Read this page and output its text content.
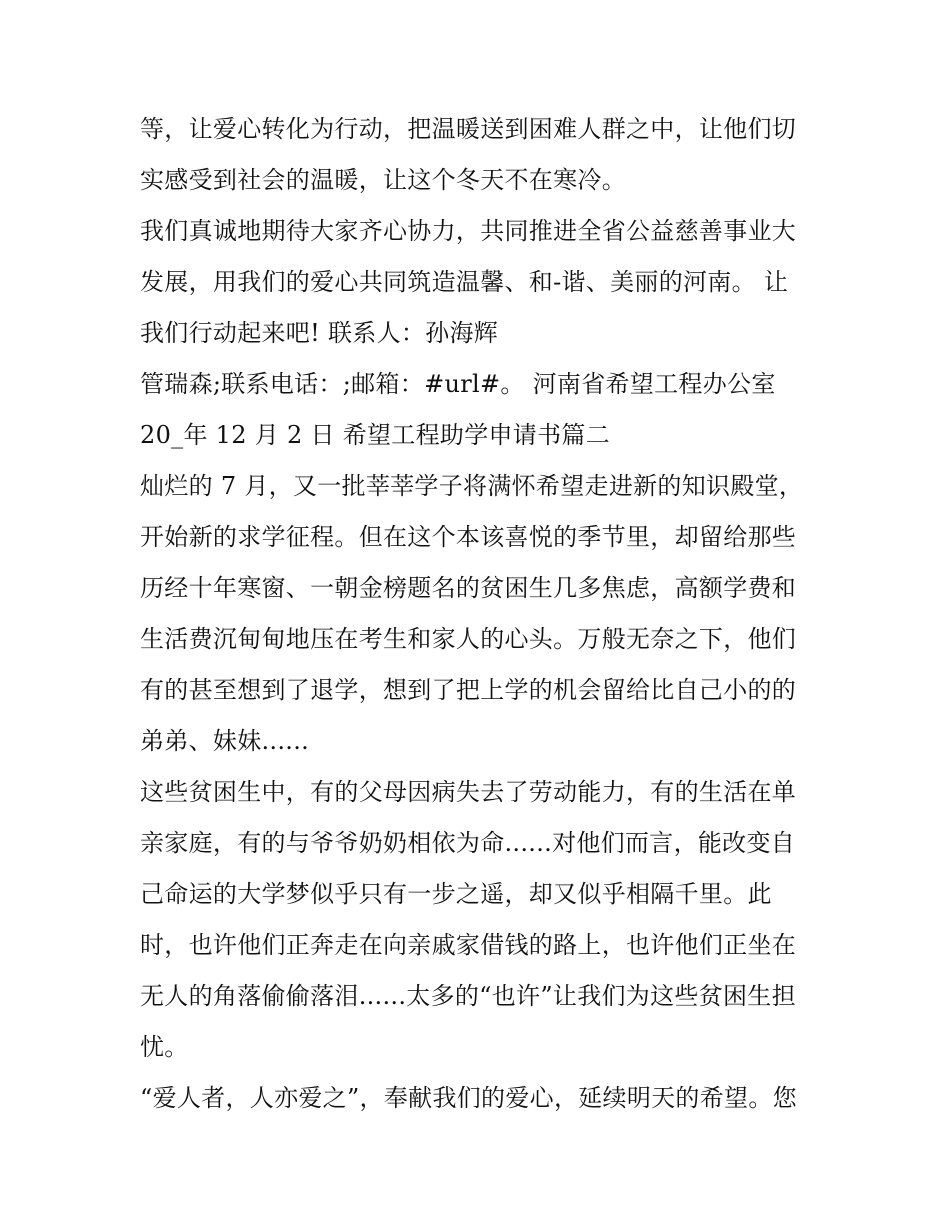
等，让爱心转化为行动，把温暖送到困难人群之中，让他们切
实感受到社会的温暖，让这个冬天不在寒冷。
我们真诚地期待大家齐心协力，共同推进全省公益慈善事业大
发展，用我们的爱心共同筑造温馨、和-谐、美丽的河南。 让
我们行动起来吧! 联系人：孙海辉
管瑞森;联系电话：;邮箱：#url#。 河南省希望工程办公室
20_年 12 月 2 日 希望工程助学申请书篇二
灿烂的 7 月，又一批莘莘学子将满怀希望走进新的知识殿堂，
开始新的求学征程。但在这个本该喜悦的季节里，却留给那些
历经十年寒窗、一朝金榜题名的贫困生几多焦虑，高额学费和
生活费沉甸甸地压在考生和家人的心头。万般无奈之下，他们
有的甚至想到了退学，想到了把上学的机会留给比自己小的的
弟弟、妹妹......
这些贫困生中，有的父母因病失去了劳动能力，有的生活在单
亲家庭，有的与爷爷奶奶相依为命......对他们而言，能改变自
己命运的大学梦似乎只有一步之遥，却又似乎相隔千里。此
时，也许他们正奔走在向亲戚家借钱的路上，也许他们正坐在
无人的角落偷偷落泪......太多的“也许”让我们为这些贫困生担
忧。
“爱人者，人亦爱之”，奉献我们的爱心，延续明天的希望。您
